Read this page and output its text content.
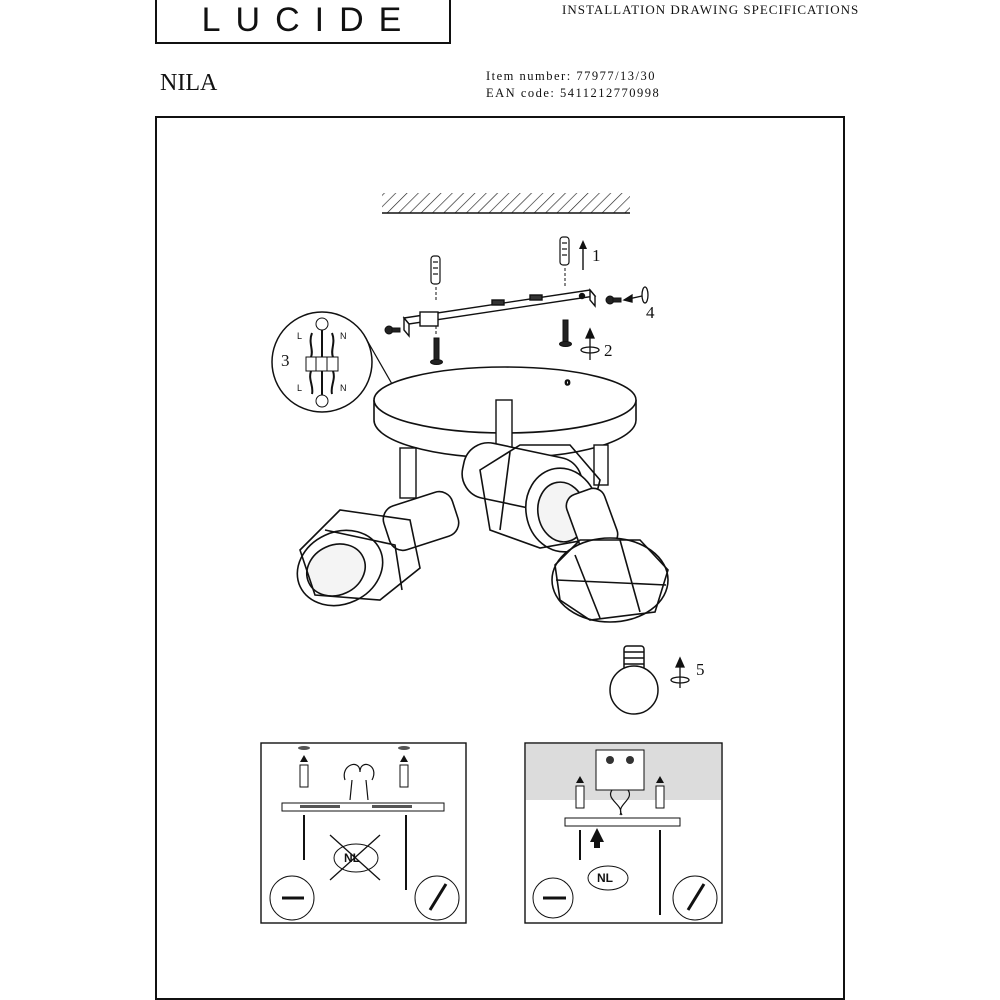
LUCIDE	INSTALLATION DRAWING SPECIFICATIONS
NILA	Item number: 77977/13/30
EAN code: 5411212770998
1
2
4
L	N
L	N
3
o
5
NL
NL
